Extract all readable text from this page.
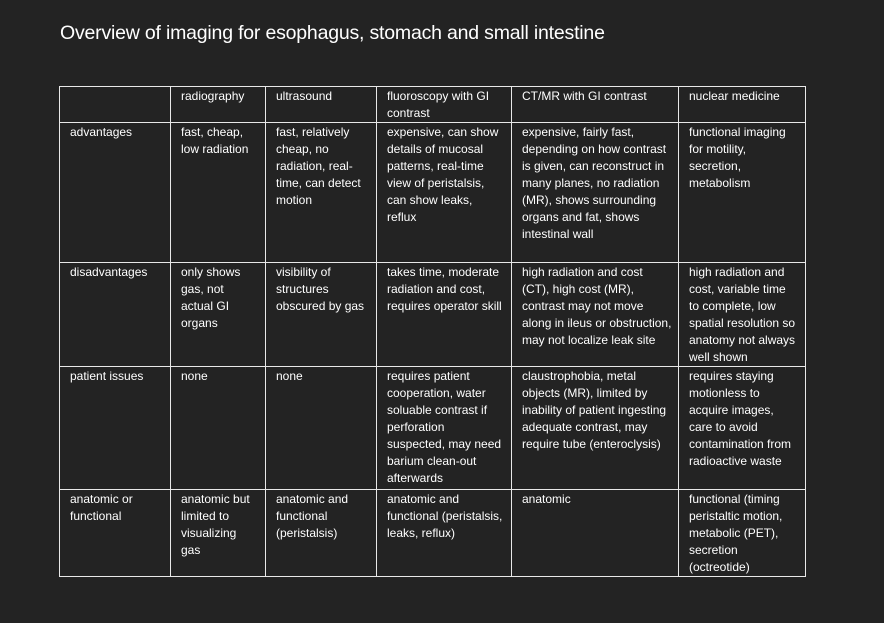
Overview of imaging for esophagus, stomach and small intestine
	radiography	ultrasound	fluoroscopy with GI contrast	CT/MR with GI contrast	nuclear medicine
advantages	fast, cheap, low radiation	fast, relatively cheap, no radiation, real-time, can detect motion	expensive, can show details of mucosal patterns, real-time view of peristalsis, can show leaks, reflux	expensive, fairly fast, depending on how contrast is given, can reconstruct in many planes, no radiation (MR), shows surrounding organs and fat, shows intestinal wall	functional imaging for motility, secretion, metabolism
disadvantages	only shows gas, not actual GI organs	visibility of structures obscured by gas	takes time, moderate radiation and cost, requires operator skill	high radiation and cost (CT), high cost (MR), contrast may not move along in ileus or obstruction, may not localize leak site	high radiation and cost, variable time to complete, low spatial resolution so anatomy not always well shown
patient issues	none	none	requires patient cooperation, water soluable contrast if perforation suspected, may need barium clean-out afterwards	claustrophobia, metal objects (MR), limited by inability of patient ingesting adequate contrast, may require tube (enteroclysis)	requires staying motionless to acquire images, care to avoid contamination from radioactive waste
anatomic or functional	anatomic but limited to visualizing gas	anatomic and functional (peristalsis)	anatomic and functional (peristalsis, leaks, reflux)	anatomic	functional (timing peristaltic motion, metabolic (PET), secretion (octreotide)
